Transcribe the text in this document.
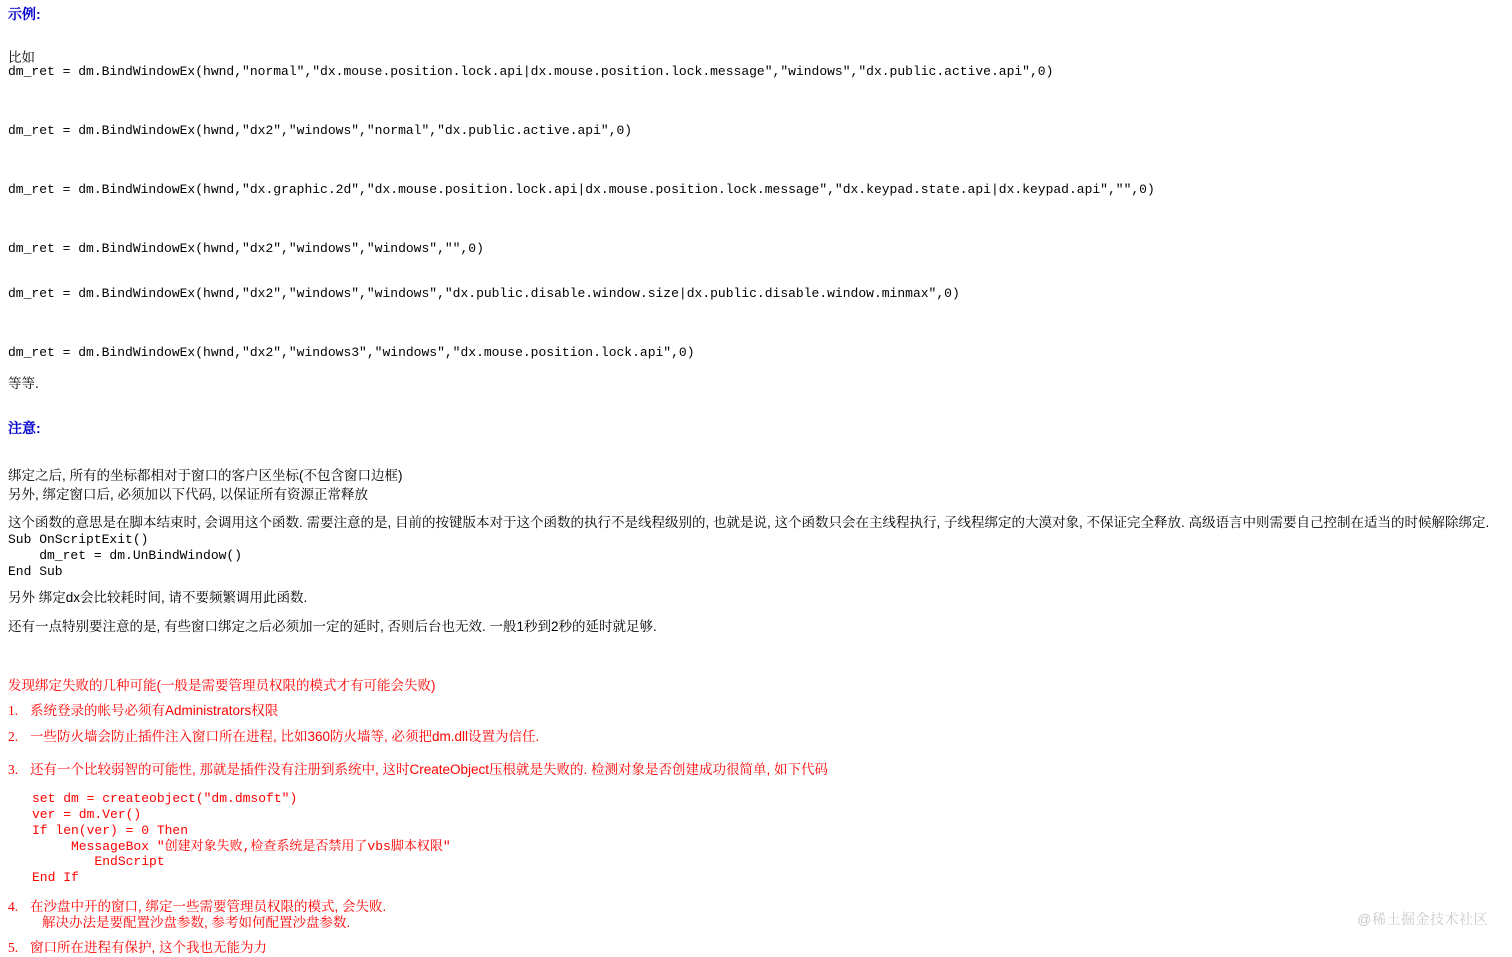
示例:
比如
dm_ret = dm.BindWindowEx(hwnd,"normal","dx.mouse.position.lock.api|dx.mouse.position.lock.message","windows","dx.public.active.api",0)
dm_ret = dm.BindWindowEx(hwnd,"dx2","windows","normal","dx.public.active.api",0)
dm_ret = dm.BindWindowEx(hwnd,"dx.graphic.2d","dx.mouse.position.lock.api|dx.mouse.position.lock.message","dx.keypad.state.api|dx.keypad.api","",0)
dm_ret = dm.BindWindowEx(hwnd,"dx2","windows","windows","",0)
dm_ret = dm.BindWindowEx(hwnd,"dx2","windows","windows","dx.public.disable.window.size|dx.public.disable.window.minmax",0)
dm_ret = dm.BindWindowEx(hwnd,"dx2","windows3","windows","dx.mouse.position.lock.api",0)
等等.
注意:
绑定之后, 所有的坐标都相对于窗口的客户区坐标(不包含窗口边框)
另外, 绑定窗口后, 必须加以下代码, 以保证所有资源正常释放
这个函数的意思是在脚本结束时, 会调用这个函数. 需要注意的是, 目前的按键版本对于这个函数的执行不是线程级别的, 也就是说, 这个函数只会在主线程执行, 子线程绑定的大漠对象, 不保证完全释放. 高级语言中则需要自己控制在适当的时候解除绑定.
Sub OnScriptExit()
dm_ret = dm.UnBindWindow()
End Sub
另外 绑定dx会比较耗时间, 请不要频繁调用此函数.
还有一点特别要注意的是, 有些窗口绑定之后必须加一定的延时, 否则后台也无效. 一般1秒到2秒的延时就足够.
发现绑定失败的几种可能(一般是需要管理员权限的模式才有可能会失败)
1. 系统登录的帐号必须有Administrators权限
2. 一些防火墙会防止插件注入窗口所在进程, 比如360防火墙等, 必须把dm.dll设置为信任.
3. 还有一个比较弱智的可能性, 那就是插件没有注册到系统中, 这时CreateObject压根就是失败的. 检测对象是否创建成功很简单, 如下代码
set dm = createobject("dm.dmsoft")
ver = dm.Ver()
If len(ver) = 0 Then
MessageBox "创建对象失败,检查系统是否禁用了vbs脚本权限"
EndScript
End If
4. 在沙盘中开的窗口, 绑定一些需要管理员权限的模式, 会失败.
解决办法是要配置沙盘参数, 参考如何配置沙盘参数.
5. 窗口所在进程有保护, 这个我也无能为力
@稀土掘金技术社区
